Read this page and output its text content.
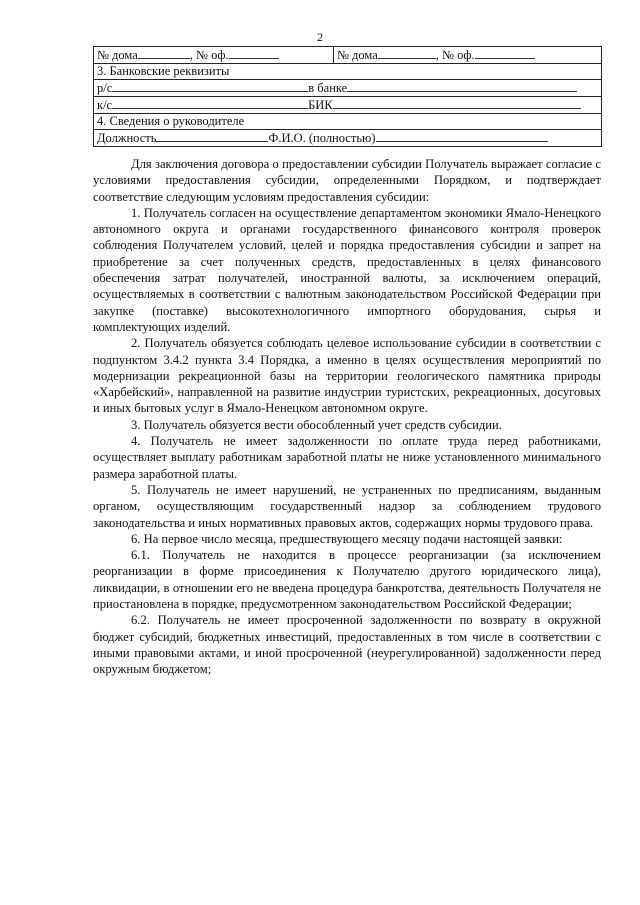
2
№ дома	, № оф.	№ дома	, № оф.

3. Банковские реквизиты

р/с	в банке

к/с	БИК

4. Сведения о руководителе

Должность	Ф.И.О. (полностью)

Для заключения договора о предоставлении субсидии Получатель выражает согласие с условиями предоставления субсидии, определенными Порядком, и подтверждает соответствие следующим условиям предоставления субсидии:

1. Получатель согласен на осуществление департаментом экономики Ямало-Ненецкого автономного округа и органами государственного финансового контроля проверок соблюдения Получателем условий, целей и порядка предоставления субсидии и запрет на приобретение за счет полученных средств, предоставленных в целях финансового обеспечения затрат получателей, иностранной валюты, за исключением операций, осуществляемых в соответствии с валютным законодательством Российской Федерации при закупке (поставке) высокотехнологичного импортного оборудования, сырья и комплектующих изделий.

2. Получатель обязуется соблюдать целевое использование субсидии в соответствии с подпунктом 3.4.2 пункта 3.4 Порядка, а именно в целях осуществления мероприятий по модернизации рекреационной базы на территории геологического памятника природы «Харбейский», направленной на развитие индустрии туристских, рекреационных, досуговых и иных бытовых услуг в Ямало-Ненецком автономном округе.

3. Получатель обязуется вести обособленный учет средств субсидии.

4. Получатель не имеет задолженности по оплате труда перед работниками, осуществляет выплату работникам заработной платы не ниже установленного минимального размера заработной платы.

5. Получатель не имеет нарушений, не устраненных по предписаниям, выданным органом, осуществляющим государственный надзор за соблюдением трудового законодательства и иных нормативных правовых актов, содержащих нормы трудового права.

6. На первое число месяца, предшествующего месяцу подачи настоящей заявки:

6.1. Получатель не находится в процессе реорганизации (за исключением реорганизации в форме присоединения к Получателю другого юридического лица), ликвидации, в отношении его не введена процедура банкротства, деятельность Получателя не приостановлена в порядке, предусмотренном законодательством Российской Федерации;

6.2. Получатель не имеет просроченной задолженности по возврату в окружной бюджет субсидий, бюджетных инвестиций, предоставленных в том числе в соответствии с иными правовыми актами, и иной просроченной (неурегулированной) задолженности перед окружным бюджетом;
